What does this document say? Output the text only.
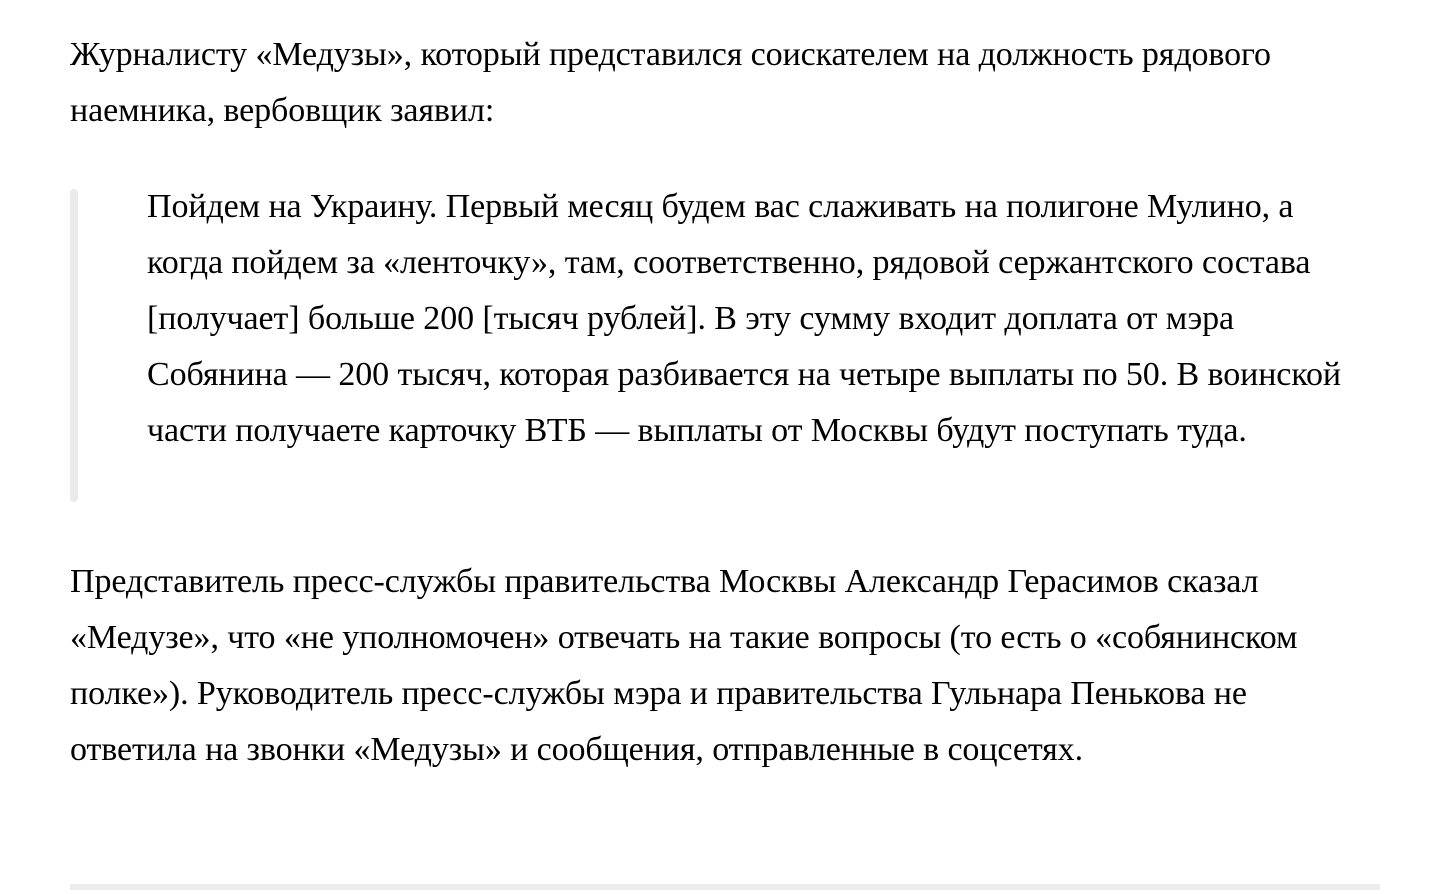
Журналисту «Медузы», который представился соискателем на должность рядового наемника, вербовщик заявил:

Пойдем на Украину. Первый месяц будем вас слаживать на полигоне Мулино, а когда пойдем за «ленточку», там, соответственно, рядовой сержантского состава [получает] больше 200 [тысяч рублей]. В эту сумму входит доплата от мэра Собянина — 200 тысяч, которая разбивается на четыре выплаты по 50. В воинской части получаете карточку ВТБ — выплаты от Москвы будут поступать туда.

Представитель пресс-службы правительства Москвы Александр Герасимов сказал «Медузе», что «не уполномочен» отвечать на такие вопросы (то есть о «собянинском полке»). Руководитель пресс-службы мэра и правительства Гульнара Пенькова не ответила на звонки «Медузы» и сообщения, отправленные в соцсетях.
